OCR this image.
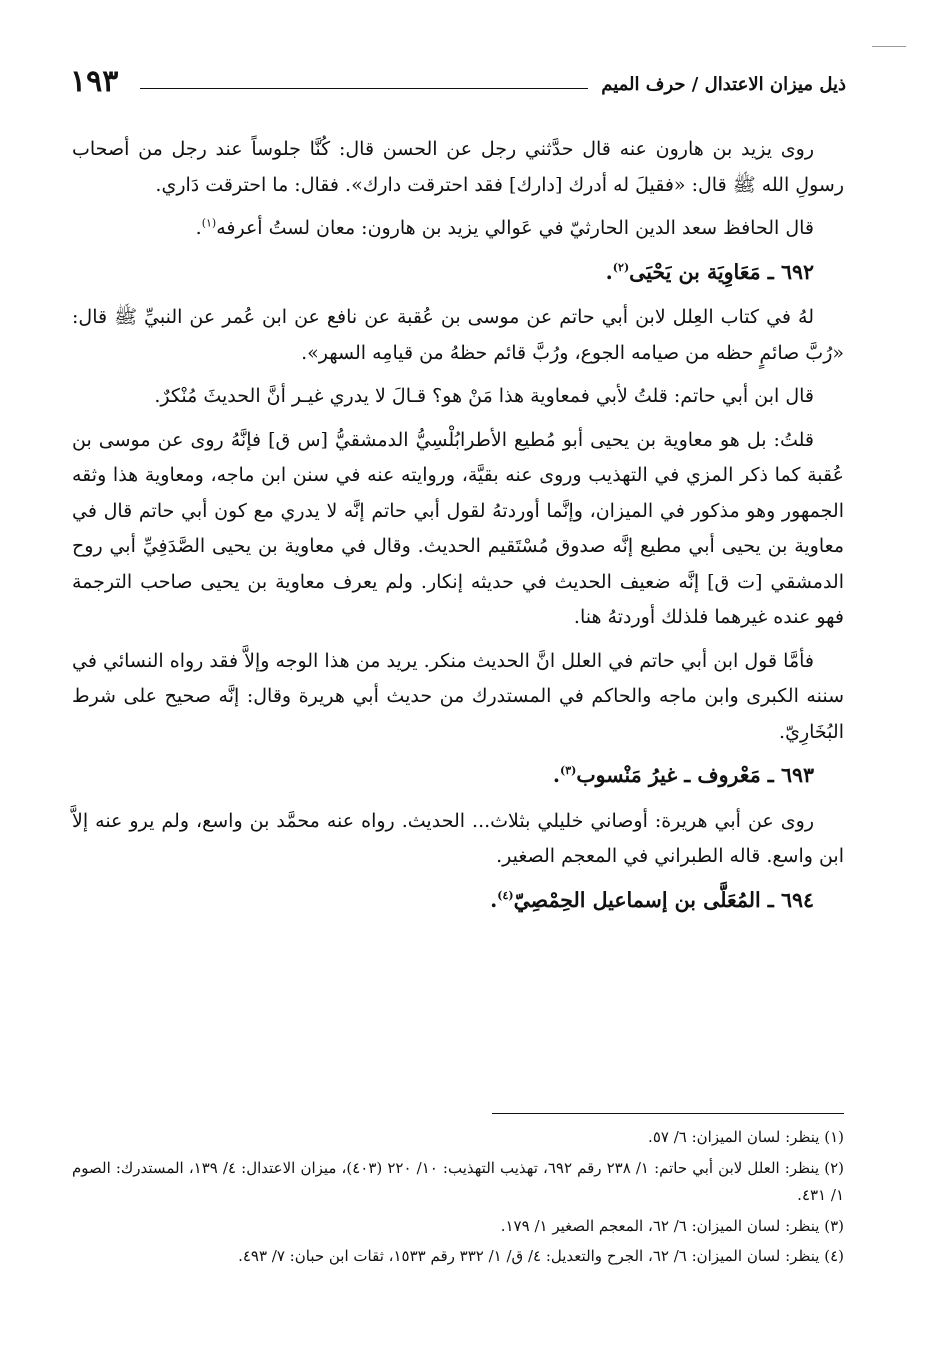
ذيل ميزان الاعتدال / حرف الميم
١٩٣

روى يزيد بن هارون عنه قال حدَّثني رجل عن الحسن قال: كُنَّا جلوساً عند رجل من أصحاب رسولِ الله ﷺ قال: «فقيلَ له أدرك [دارك] فقد احترقت دارك». فقال: ما احترقت دَاري.

قال الحافظ سعد الدين الحارثيّ في عَوالي يزيد بن هارون: معان لستُ أعرفه$^{(١)}$.

٦٩٢ ـ مَعَاوِيَة بن يَحْيَى$^{(٢)}$.

لهُ في كتاب العِلل لابن أبي حاتم عن موسى بن عُقبة عن نافع عن ابن عُمر عن النبيِّ ﷺ قال: «رُبَّ صائمٍ حظه من صيامه الجوع، ورُبَّ قائم حظهُ من قيامِه السهر».

قال ابن أبي حاتم: قلتُ لأبي فمعاوية هذا مَنْ هو؟ قـالَ لا يدري غيـر أنَّ الحديثَ مُنْكرٌ.

قلتُ: بل هو معاوية بن يحيى أبو مُطيع الأطرابُلْسِيُّ الدمشقيُّ [س ق] فإنَّهُ روى عن موسى بن عُقبة كما ذكر المزي في التهذيب وروى عنه بقيَّة، وروايته عنه في سنن ابن ماجه، ومعاوية هذا وثقه الجمهور وهو مذكور في الميزان، وإنَّما أوردتهُ لقول أبي حاتم إنَّه لا يدري مع كون أبي حاتم قال في معاوية بن يحيى أبي مطيع إنَّه صدوق مُسْتَقيم الحديث. وقال في معاوية بن يحيى الصَّدَفِيِّ أبي روح الدمشقي [ت ق] إنَّه ضعيف الحديث في حديثه إنكار. ولم يعرف معاوية بن يحيى صاحب الترجمة فهو عنده غيرهما فلذلك أوردتهُ هنا.

فأمَّا قول ابن أبي حاتم في العلل انَّ الحديث منكر. يريد من هذا الوجه وإلاَّ فقد رواه النسائي في سننه الكبرى وابن ماجه والحاكم في المستدرك من حديث أبي هريرة وقال: إنَّه صحيح على شرط البُخَارِيّ.

٦٩٣ ـ مَعْروف ـ غيرُ مَنْسوب$^{(٣)}$.

روى عن أبي هريرة: أوصاني خليلي بثلاث... الحديث. رواه عنه محمَّد بن واسع، ولم يرو عنه إلاَّ ابن واسع. قاله الطبراني في المعجم الصغير.

٦٩٤ ـ المُعَلَّى بن إسماعيل الحِمْصِيّ$^{(٤)}$.

(١) ينظر: لسان الميزان: ٦/ ٥٧.
(٢) ينظر: العلل لابن أبي حاتم: ١/ ٢٣٨ رقم ٦٩٢، تهذيب التهذيب: ١٠/ ٢٢٠ (٤٠٣)، ميزان الاعتدال: ٤/ ١٣٩، المستدرك: الصوم ١/ ٤٣١.
(٣) ينظر: لسان الميزان: ٦/ ٦٢، المعجم الصغير ١/ ١٧٩.
(٤) ينظر: لسان الميزان: ٦/ ٦٢، الجرح والتعديل: ٤/ ق/ ١/ ٣٣٢ رقم ١٥٣٣، ثقات ابن حبان: ٧/ ٤٩٣.
